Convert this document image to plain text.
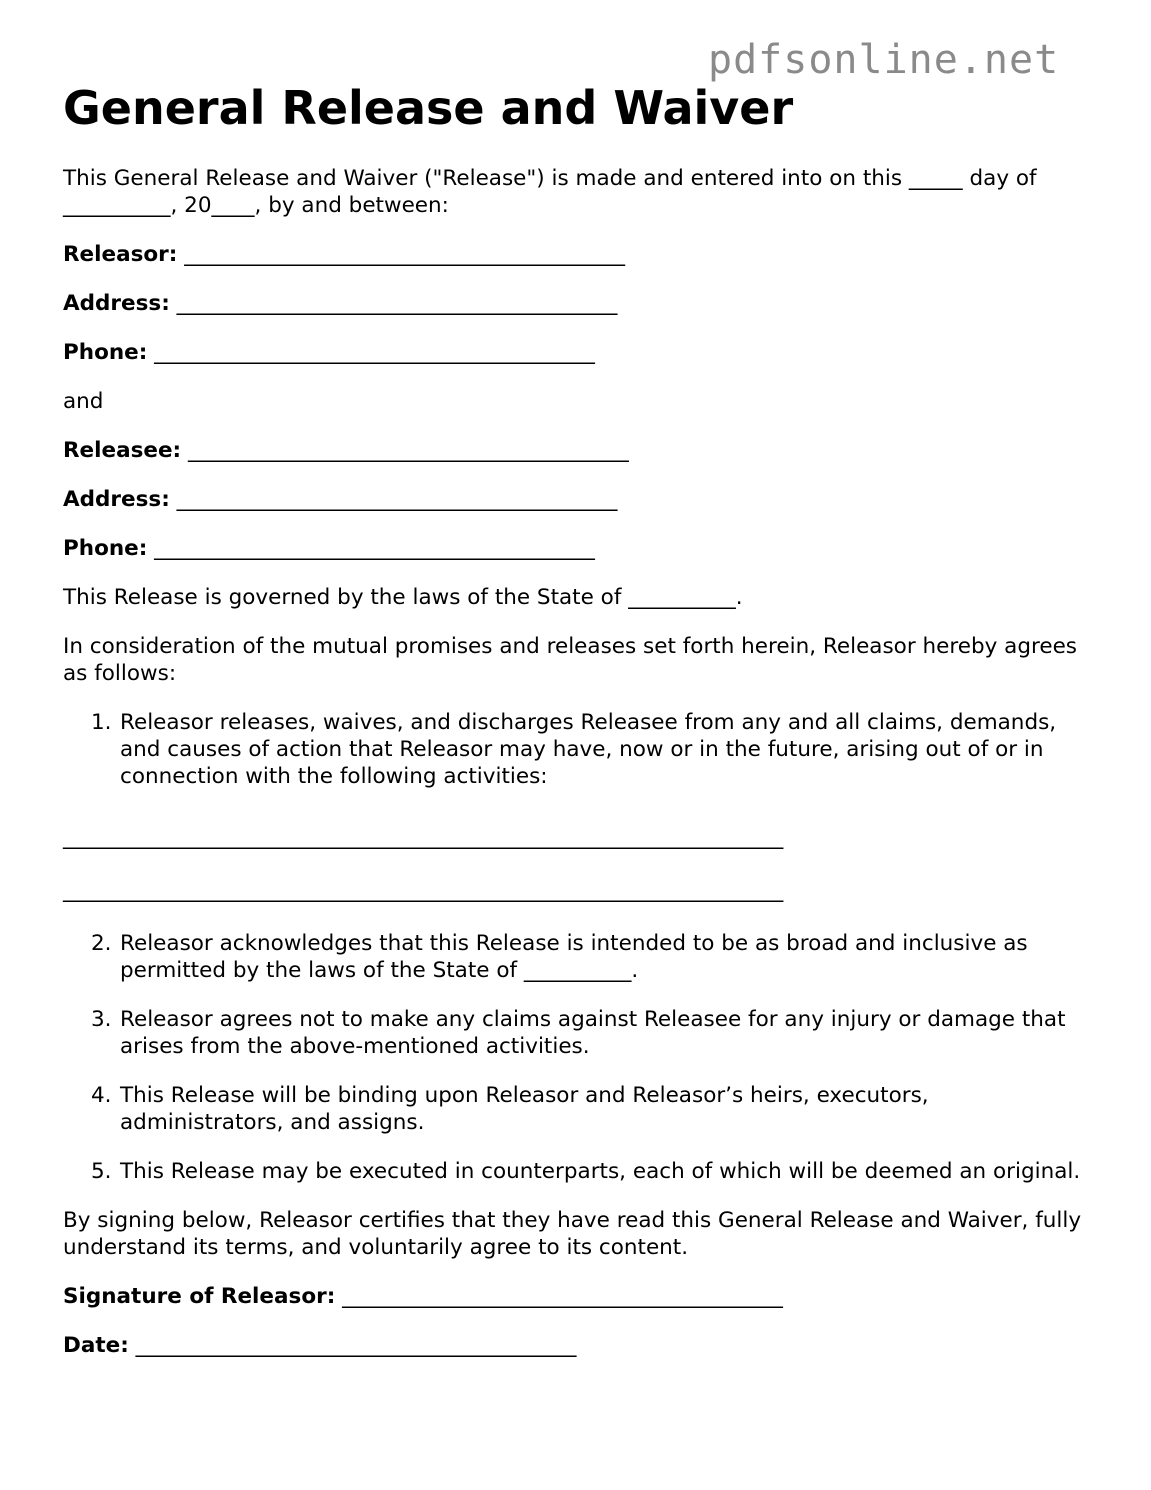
pdfsonline.net
General Release and Waiver

This General Release and Waiver ("Release") is made and entered into on this _____ day of __________, 20____, by and between:

Releasor: _________________________________________
Address: _________________________________________
Phone: _________________________________________

and

Releasee: _________________________________________
Address: _________________________________________
Phone: _________________________________________

This Release is governed by the laws of the State of __________.

In consideration of the mutual promises and releases set forth herein, Releasor hereby agrees as follows:

1. Releasor releases, waives, and discharges Releasee from any and all claims, demands, and causes of action that Releasor may have, now or in the future, arising out of or in connection with the following activities:
___________________________________________________________________
___________________________________________________________________
2. Releasor acknowledges that this Release is intended to be as broad and inclusive as permitted by the laws of the State of __________.
3. Releasor agrees not to make any claims against Releasee for any injury or damage that arises from the above-mentioned activities.
4. This Release will be binding upon Releasor and Releasor’s heirs, executors, administrators, and assigns.
5. This Release may be executed in counterparts, each of which will be deemed an original.

By signing below, Releasor certifies that they have read this General Release and Waiver, fully understand its terms, and voluntarily agree to its content.

Signature of Releasor: _________________________________________
Date: _________________________________________
